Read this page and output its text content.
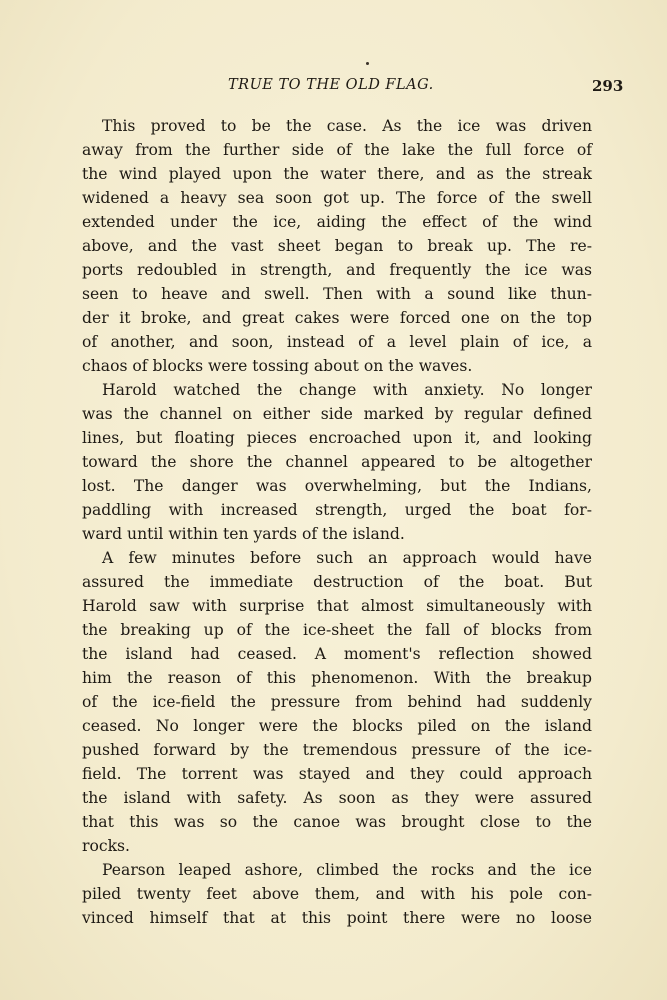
TRUE TO THE OLD FLAG.	293
This proved to be the case. As the ice was driven
away from the further side of the lake the full force of
the wind played upon the water there, and as the streak
widened a heavy sea soon got up. The force of the swell
extended under the ice, aiding the effect of the wind
above, and the vast sheet began to break up. The re-
ports redoubled in strength, and frequently the ice was
seen to heave and swell. Then with a sound like thun-
der it broke, and great cakes were forced one on the top
of another, and soon, instead of a level plain of ice, a
chaos of blocks were tossing about on the waves.
Harold watched the change with anxiety. No longer
was the channel on either side marked by regular defined
lines, but floating pieces encroached upon it, and looking
toward the shore the channel appeared to be altogether
lost. The danger was overwhelming, but the Indians,
paddling with increased strength, urged the boat for-
ward until within ten yards of the island.
A few minutes before such an approach would have
assured the immediate destruction of the boat. But
Harold saw with surprise that almost simultaneously with
the breaking up of the ice-sheet the fall of blocks from
the island had ceased. A moment's reflection showed
him the reason of this phenomenon. With the breakup
of the ice-field the pressure from behind had suddenly
ceased. No longer were the blocks piled on the island
pushed forward by the tremendous pressure of the ice-
field. The torrent was stayed and they could approach
the island with safety. As soon as they were assured
that this was so the canoe was brought close to the
rocks.
Pearson leaped ashore, climbed the rocks and the ice
piled twenty feet above them, and with his pole con-
vinced himself that at this point there were no loose
